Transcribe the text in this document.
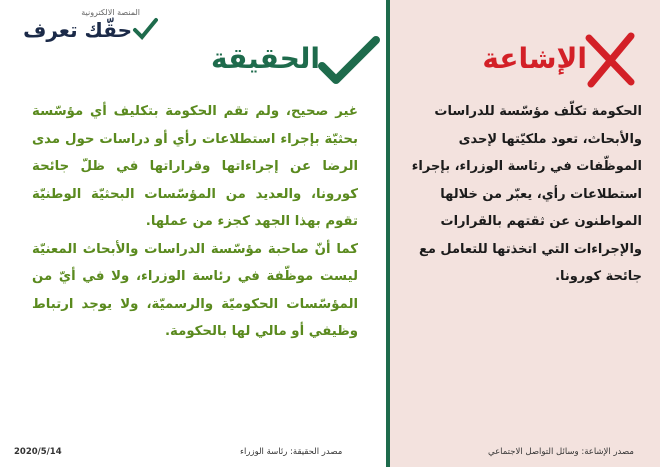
المنصة الالكترونية
حقّك تعرف
الحقيقة

غير صحيح، ولم تقم الحكومة بتكليف أي مؤسّسة بحثيّة بإجراء استطلاعات رأي أو دراسات حول مدى الرضا عن إجراءاتها وقراراتها في ظلّ جائحة كورونا، والعديد من المؤسّسات البحثيّة الوطنيّة تقوم بهذا الجهد كجزء من عملها.

كما أنّ صاحبة مؤسّسة الدراسات والأبحاث المعنيّة ليست موظّفة في رئاسة الوزراء، ولا في أيّ من المؤسّسات الحكوميّة والرسميّة، ولا يوجد ارتباط وظيفي أو مالي لها بالحكومة.

الإشاعة
الحكومة تكلّف مؤسّسة للدراسات والأبحاث، تعود ملكيّتها لإحدى الموظّفات في رئاسة الوزراء، بإجراء استطلاعات رأي، يعبّر من خلالها المواطنون عن ثقتهم بالقرارات والإجراءات التي اتخذتها للتعامل مع جائحة كورونا.
2020/5/14	مصدر الحقيقة: رئاسة الوزراء	مصدر الإشاعة: وسائل التواصل الاجتماعي
